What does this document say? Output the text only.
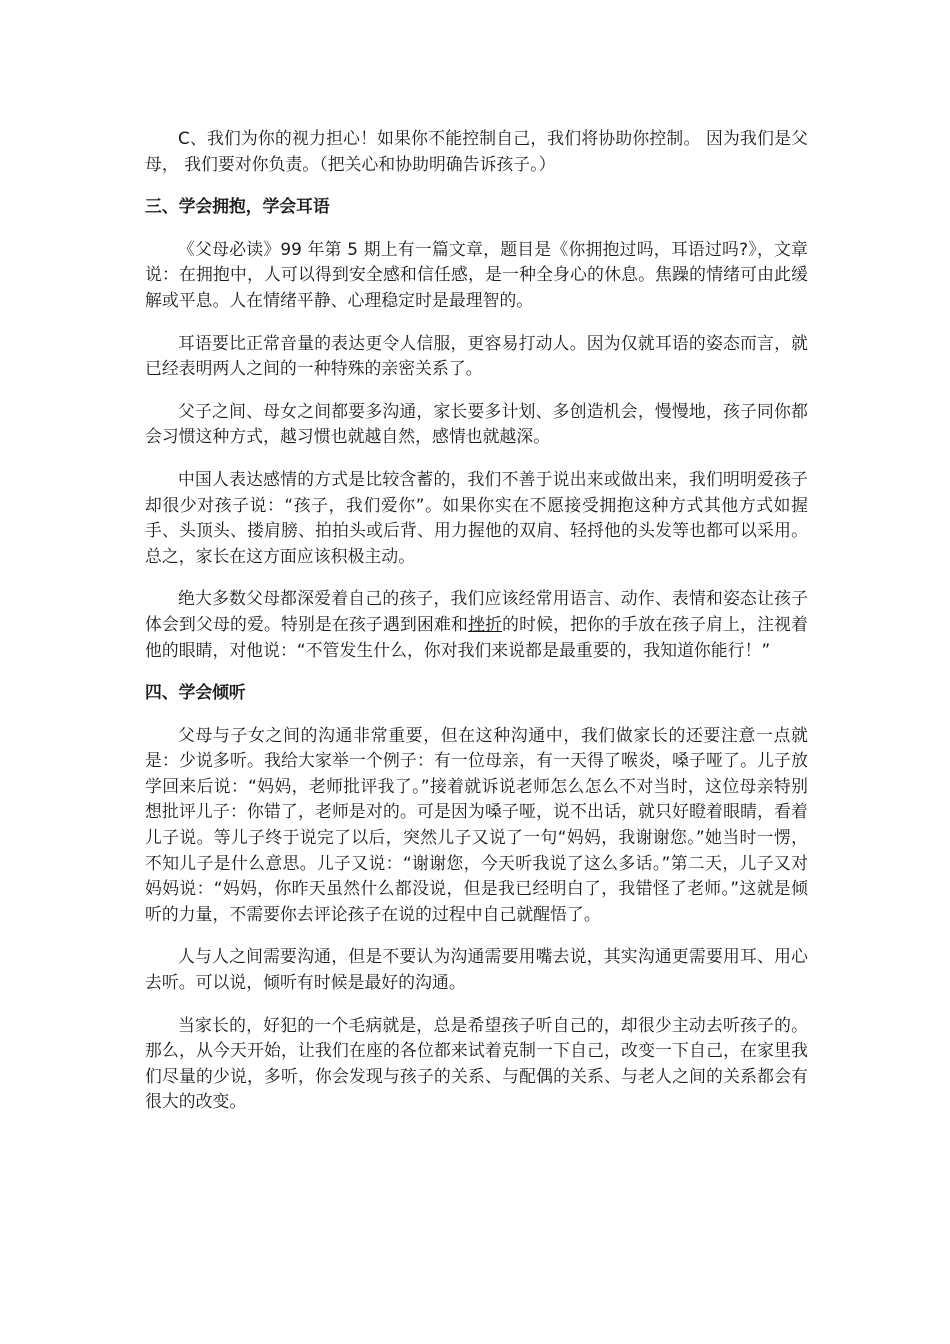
C、我们为你的视力担心！如果你不能控制自己，我们将协助你控制。 因为我们是父母， 我们要对你负责。（把关心和协助明确告诉孩子。）

三、学会拥抱，学会耳语

《父母必读》99 年第 5 期上有一篇文章，题目是《你拥抱过吗，耳语过吗?》，文章说：在拥抱中，人可以得到安全感和信任感，是一种全身心的休息。焦躁的情绪可由此缓解或平息。人在情绪平静、心理稳定时是最理智的。

耳语要比正常音量的表达更令人信服，更容易打动人。因为仅就耳语的姿态而言，就已经表明两人之间的一种特殊的亲密关系了。

父子之间、母女之间都要多沟通，家长要多计划、多创造机会，慢慢地，孩子同你都会习惯这种方式，越习惯也就越自然，感情也就越深。

中国人表达感情的方式是比较含蓄的，我们不善于说出来或做出来，我们明明爱孩子却很少对孩子说：“孩子，我们爱你”。如果你实在不愿接受拥抱这种方式其他方式如握手、头顶头、搂肩膀、拍拍头或后背、用力握他的双肩、轻捋他的头发等也都可以采用。总之，家长在这方面应该积极主动。

绝大多数父母都深爱着自己的孩子，我们应该经常用语言、动作、表情和姿态让孩子体会到父母的爱。特别是在孩子遇到困难和挫折的时候，把你的手放在孩子肩上，注视着他的眼睛，对他说：“不管发生什么，你对我们来说都是最重要的，我知道你能行！”

四、学会倾听

父母与子女之间的沟通非常重要，但在这种沟通中，我们做家长的还要注意一点就是：少说多听。我给大家举一个例子：有一位母亲，有一天得了喉炎，嗓子哑了。儿子放学回来后说：“妈妈，老师批评我了。”接着就诉说老师怎么怎么不对当时，这位母亲特别想批评儿子：你错了，老师是对的。可是因为嗓子哑，说不出话，就只好瞪着眼睛，看着儿子说。等儿子终于说完了以后，突然儿子又说了一句“妈妈，我谢谢您。”她当时一愣，不知儿子是什么意思。儿子又说：“谢谢您，今天听我说了这么多话。”第二天，儿子又对妈妈说：“妈妈，你昨天虽然什么都没说，但是我已经明白了，我错怪了老师。”这就是倾听的力量，不需要你去评论孩子在说的过程中自己就醒悟了。

人与人之间需要沟通，但是不要认为沟通需要用嘴去说，其实沟通更需要用耳、用心去听。可以说，倾听有时候是最好的沟通。

当家长的，好犯的一个毛病就是，总是希望孩子听自己的，却很少主动去听孩子的。那么，从今天开始，让我们在座的各位都来试着克制一下自己，改变一下自己，在家里我们尽量的少说，多听，你会发现与孩子的关系、与配偶的关系、与老人之间的关系都会有很大的改变。
